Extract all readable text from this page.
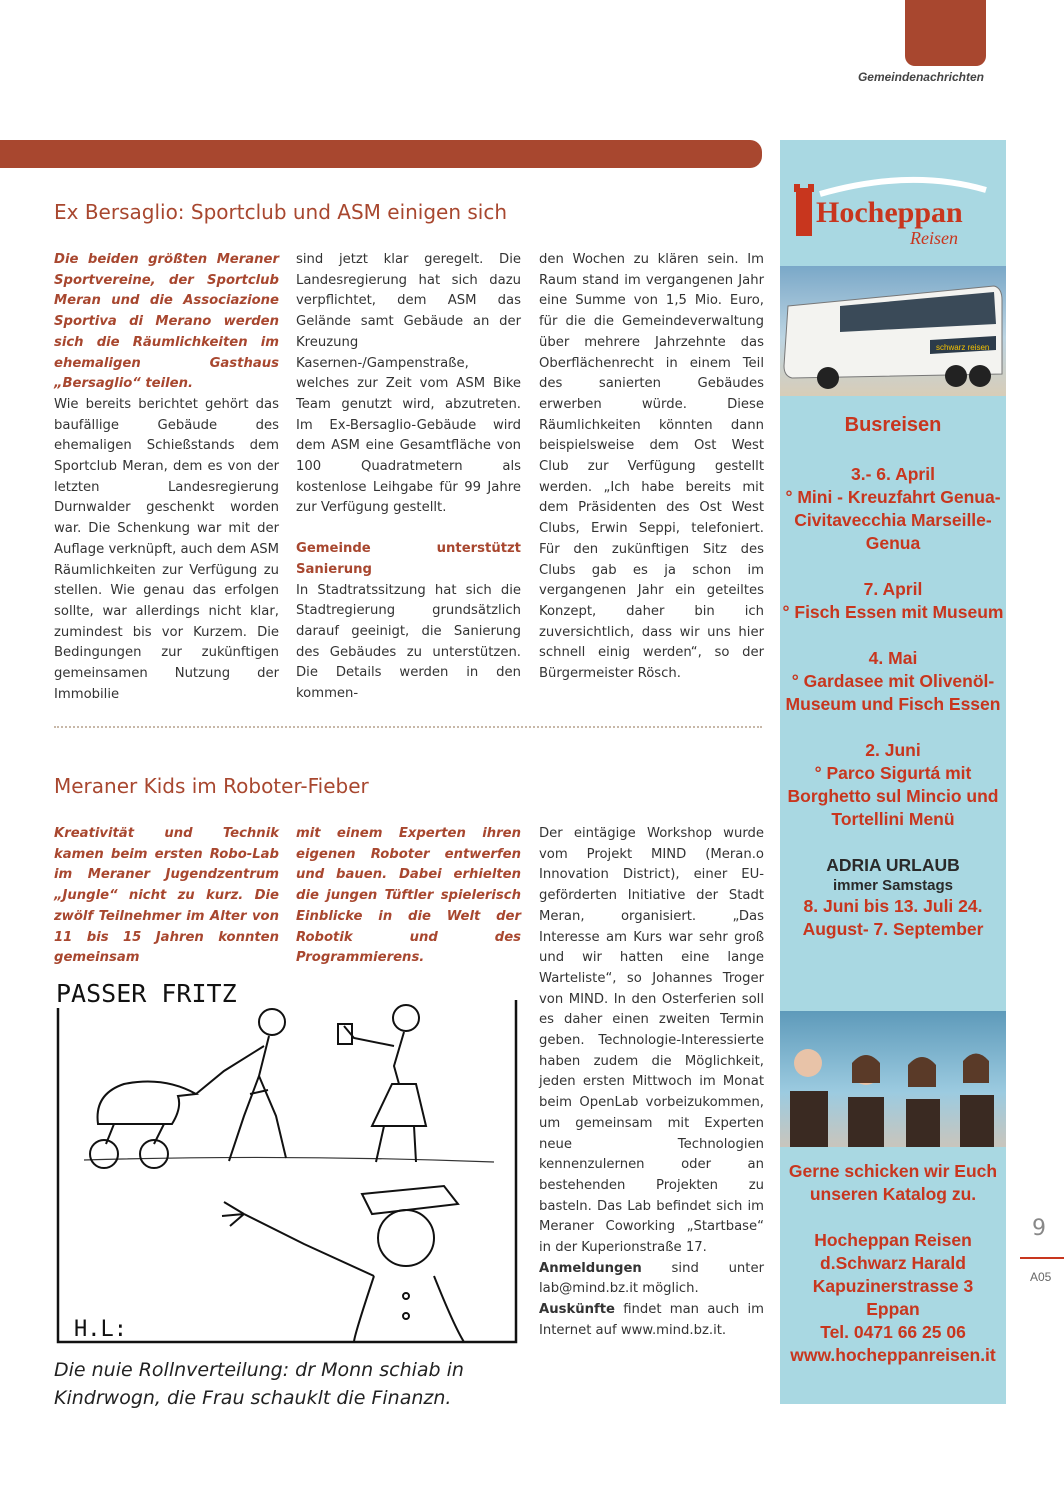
Gemeindenachrichten
Ex Bersaglio: Sportclub und ASM einigen sich
Die beiden größten Meraner Sportvereine, der Sportclub Meran und die Associazione Sportiva di Merano werden sich die Räumlichkeiten im ehemaligen Gasthaus „Bersaglio“ teilen.
Wie bereits berichtet gehört das baufällige Gebäude des ehemaligen Schießstands dem Sportclub Meran, dem es von der letzten Landesregierung Durnwalder geschenkt worden war. Die Schenkung war mit der Auflage verknüpft, auch dem ASM Räumlichkeiten zur Verfügung zu stellen. Wie genau das erfolgen sollte, war allerdings nicht klar, zumindest bis vor Kurzem. Die Bedingungen zur zukünftigen gemeinsamen Nutzung der Immobilie
sind jetzt klar geregelt. Die Landesregierung hat sich dazu verpflichtet, dem ASM das Gelände samt Gebäude an der Kreuzung Kasernen-/Gampenstraße, welches zur Zeit vom ASM Bike Team genutzt wird, abzutreten. Im Ex-Bersaglio-Gebäude wird dem ASM eine Gesamtfläche von 100 Quadratmetern als kostenlose Leihgabe für 99 Jahre zur Verfügung gestellt.
Gemeinde unterstützt Sanierung
In Stadtratssitzung hat sich die Stadtregierung grundsätzlich darauf geeinigt, die Sanierung des Gebäudes zu unterstützen. Die Details werden in den kommen-
den Wochen zu klären sein. Im Raum stand im vergangenen Jahr eine Summe von 1,5 Mio. Euro, für die die Gemeindeverwaltung über mehrere Jahrzehnte das Oberflächenrecht in einem Teil des sanierten Gebäudes erwerben würde. Diese Räumlichkeiten könnten dann beispielsweise dem Ost West Club zur Verfügung gestellt werden. „Ich habe bereits mit dem Präsidenten des Ost West Clubs, Erwin Seppi, telefoniert. Für den zukünftigen Sitz des Clubs gab es ja schon im vergangenen Jahr ein geteiltes Konzept, daher bin ich zuversichtlich, dass wir uns hier schnell einig werden“, so der Bürgermeister Rösch.
Meraner Kids im Roboter-Fieber
Kreativität und Technik kamen beim ersten Robo-Lab im Meraner Jugendzentrum „Jungle“ nicht zu kurz. Die zwölf Teilnehmer im Alter von 11 bis 15 Jahren konnten gemeinsam
mit einem Experten ihren eigenen Roboter entwerfen und bauen. Dabei erhielten die jungen Tüftler spielerisch Einblicke in die Welt der Robotik und des Programmierens.
Der eintägige Workshop wurde vom Projekt MIND (Meran.o Innovation District), einer EU-geförderten Initiative der Stadt Meran, organisiert. „Das Interesse am Kurs war sehr groß und wir hatten eine lange Warteliste“, so Johannes Troger von MIND. In den Osterferien soll es daher einen zweiten Termin geben. Technologie-Interessierte haben zudem die Möglichkeit, jeden ersten Mittwoch im Monat beim OpenLab vorbeizukommen, um gemeinsam mit Experten neue Technologien kennenzulernen oder an bestehenden Projekten zu basteln. Das Lab befindet sich im Meraner Coworking „Startbase“ in der Kuperionstraße 17.
Anmeldungen sind unter lab@mind.bz.it möglich.
Auskünfte findet man auch im Internet auf www.mind.bz.it.
PASSER FRITZ
H.L:
Die nuie Rollnverteilung: dr Monn schiab in Kindrwogn, die Frau schauklt die Finanzn.
Hocheppan
Reisen
schwarz reisen
Busreisen
3.- 6. April
° Mini - Kreuzfahrt Genua-Civitavecchia Marseille- Genua
7. April
° Fisch Essen mit Museum
4. Mai
° Gardasee mit Olivenöl- Museum und Fisch Essen
2. Juni
° Parco Sigurtá mit Borghetto sul Mincio und Tortellini Menü
ADRIA URLAUB
immer Samstags
8. Juni bis 13. Juli 24. August- 7. September
Gerne schicken wir Euch unseren Katalog zu.
Hocheppan Reisen
d.Schwarz Harald
Kapuzinerstrasse 3
Eppan
Tel. 0471 66 25 06
www.hocheppanreisen.it
9
A05
